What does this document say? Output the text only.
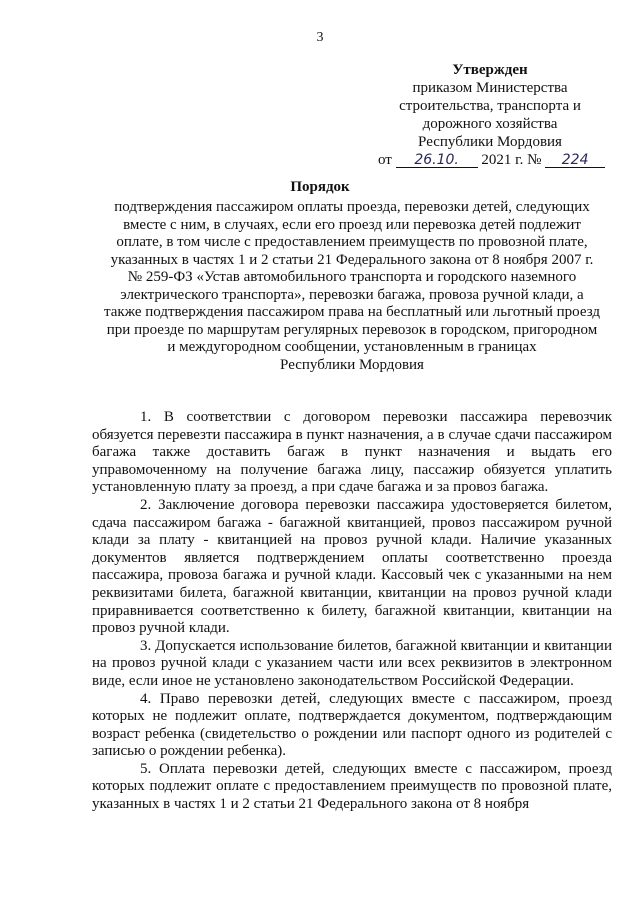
3
Утвержден
приказом Министерства
строительства, транспорта и
дорожного хозяйства
Республики Мордовия
от 26.10. 2021 г. № 224
Порядок
подтверждения пассажиром оплаты проезда, перевозки детей, следующих
вместе с ним, в случаях, если его проезд или перевозка детей подлежит
оплате, в том числе с предоставлением преимуществ по провозной плате,
указанных в частях 1 и 2 статьи 21 Федерального закона от 8 ноября 2007 г.
№ 259-ФЗ «Устав автомобильного транспорта и городского наземного
электрического транспорта», перевозки багажа, провоза ручной клади, а
также подтверждения пассажиром права на бесплатный или льготный проезд
при проезде по маршрутам регулярных перевозок в городском, пригородном
и междугородном сообщении, установленным в границах
Республики Мордовия

1. В соответствии с договором перевозки пассажира перевозчик обязуется перевезти пассажира в пункт назначения, а в случае сдачи пассажиром багажа также доставить багаж в пункт назначения и выдать его управомоченному на получение багажа лицу, пассажир обязуется уплатить установленную плату за проезд, а при сдаче багажа и за провоз багажа.

2. Заключение договора перевозки пассажира удостоверяется билетом, сдача пассажиром багажа - багажной квитанцией, провоз пассажиром ручной клади за плату - квитанцией на провоз ручной клади. Наличие указанных документов является подтверждением оплаты соответственно проезда пассажира, провоза багажа и ручной клади. Кассовый чек с указанными на нем реквизитами билета, багажной квитанции, квитанции на провоз ручной клади приравнивается соответственно к билету, багажной квитанции, квитанции на провоз ручной клади.

3. Допускается использование билетов, багажной квитанции и квитанции на провоз ручной клади с указанием части или всех реквизитов в электронном виде, если иное не установлено законодательством Российской Федерации.

4. Право перевозки детей, следующих вместе с пассажиром, проезд которых не подлежит оплате, подтверждается документом, подтверждающим возраст ребенка (свидетельство о рождении или паспорт одного из родителей с записью о рождении ребенка).

5. Оплата перевозки детей, следующих вместе с пассажиром, проезд которых подлежит оплате с предоставлением преимуществ по провозной плате, указанных в частях 1 и 2 статьи 21 Федерального закона от 8 ноября
